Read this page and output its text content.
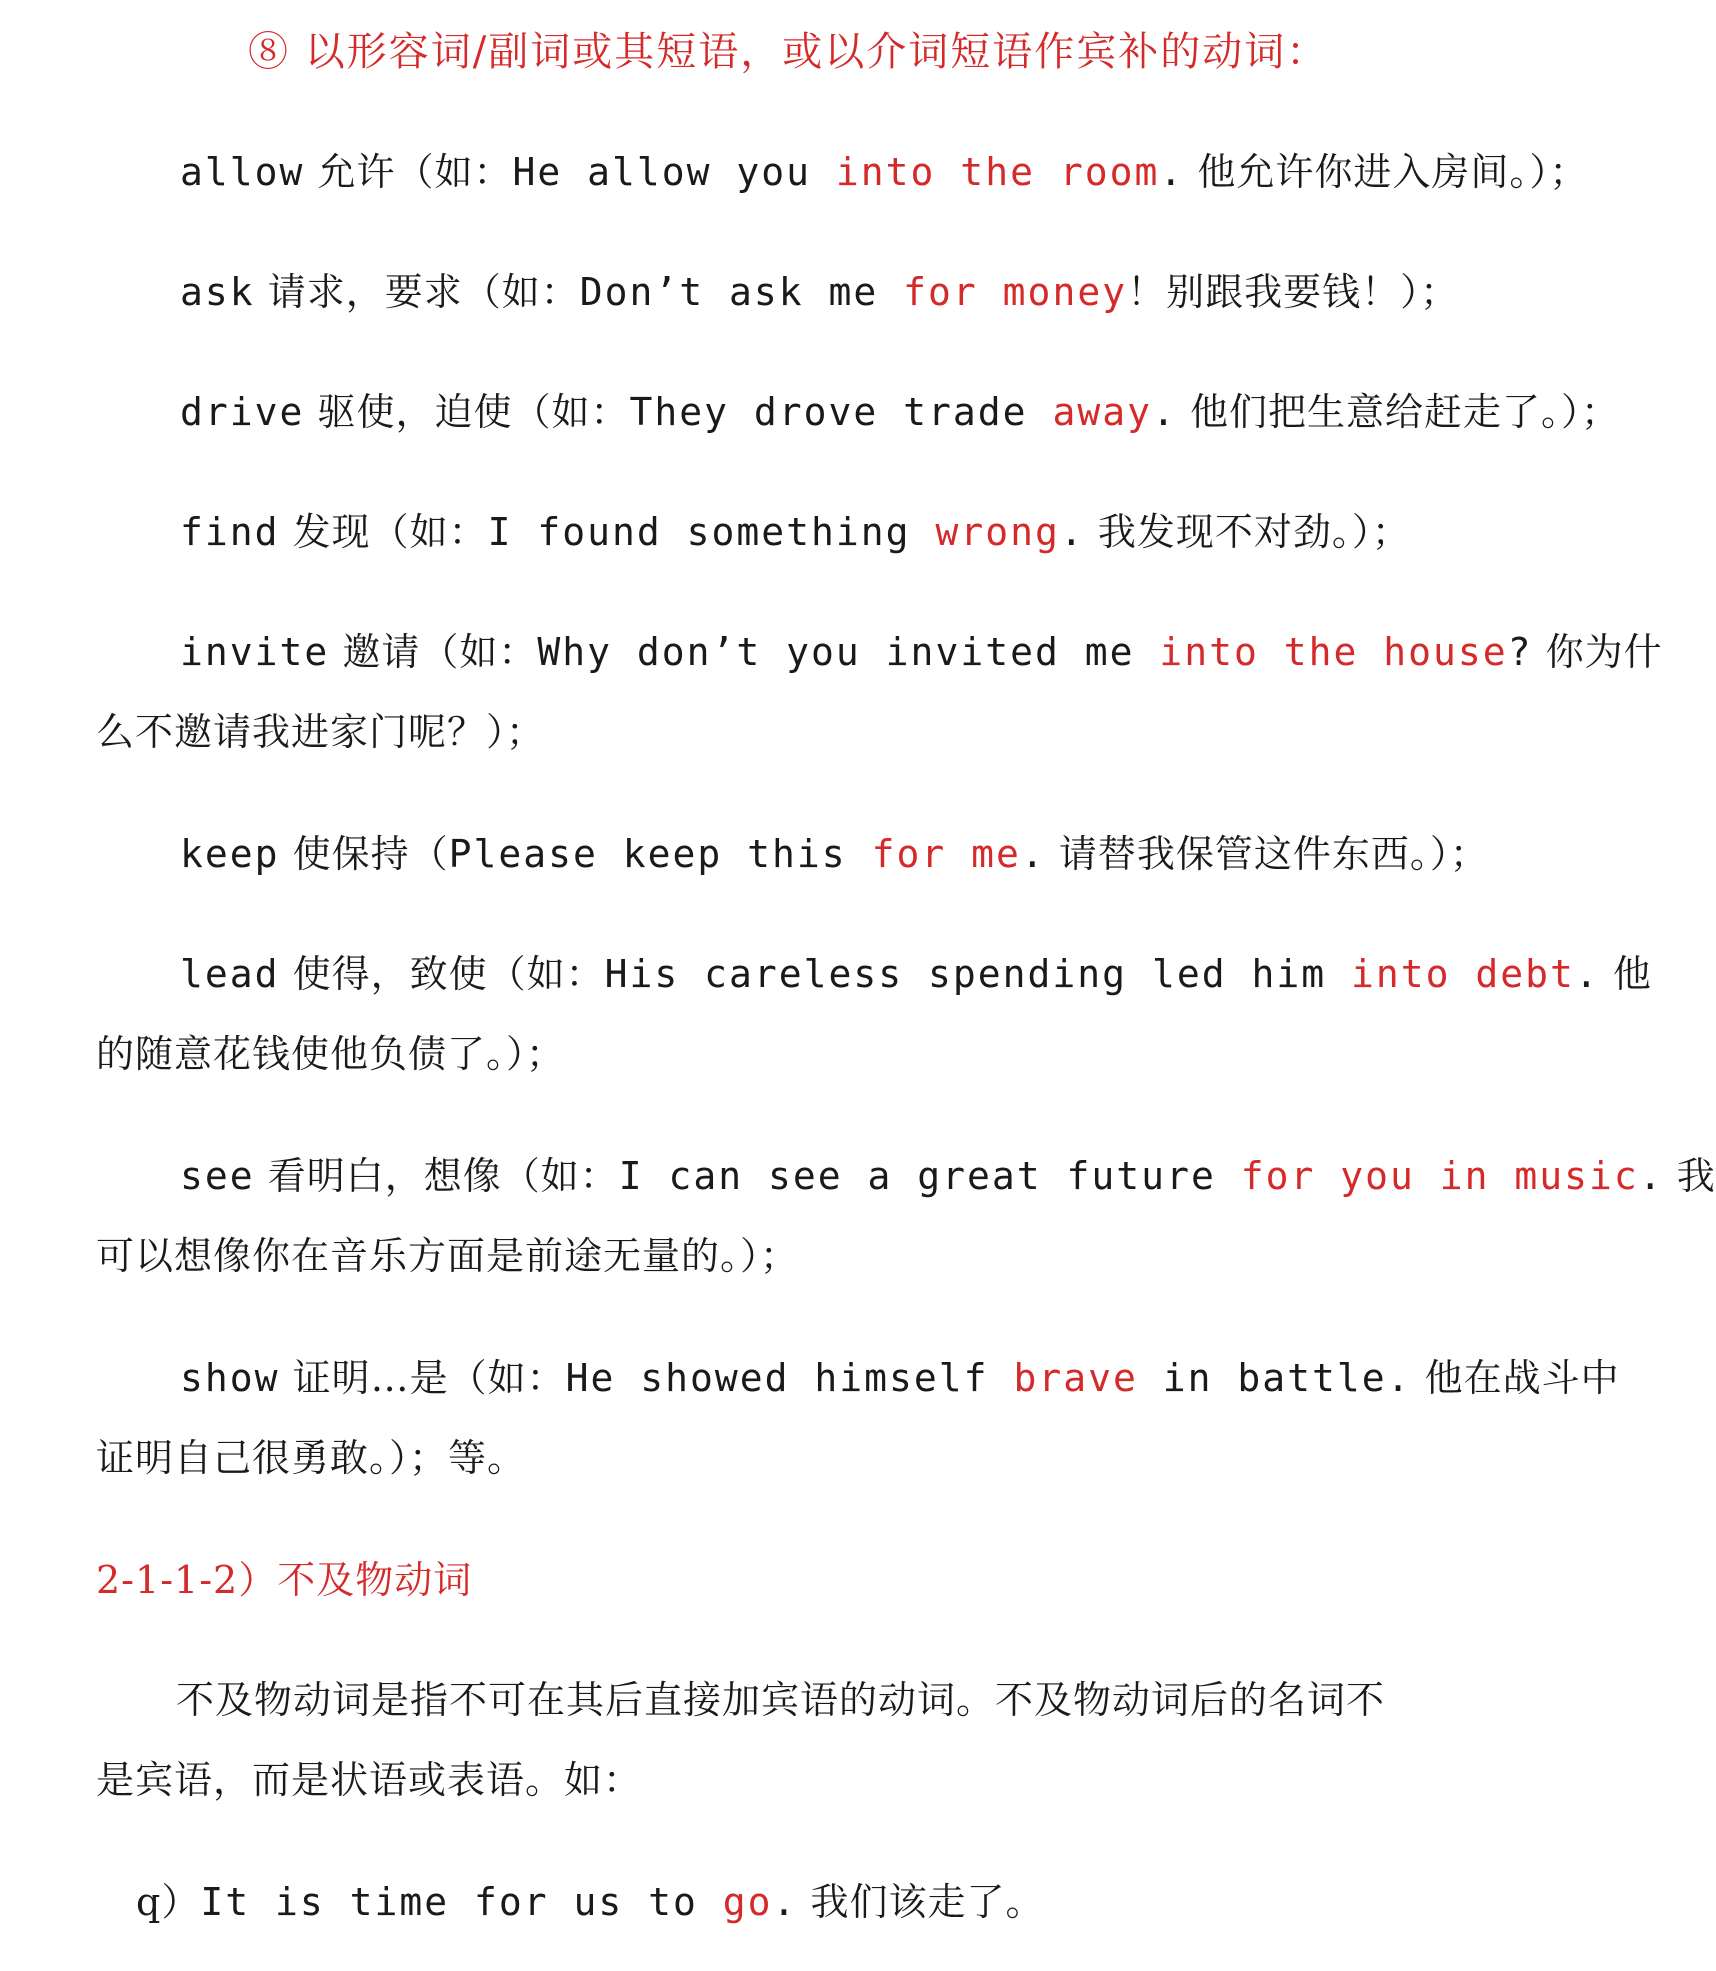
⑧ 以形容词/副词或其短语，或以介词短语作宾补的动词：
allow 允许（如：He allow you into the room. 他允许你进入房间。）；
ask 请求，要求（如：Don’t ask me for money！别跟我要钱！）；
drive 驱使，迫使（如：They drove trade away. 他们把生意给赶走了。）；
find 发现（如：I found something wrong. 我发现不对劲。）；
invite 邀请（如：Why don’t you invited me into the house? 你为什
么不邀请我进家门呢？）；
keep 使保持（Please keep this for me. 请替我保管这件东西。）；
lead 使得，致使（如：His careless spending led him into debt. 他
的随意花钱使他负债了。）；
see 看明白，想像（如：I can see a great future for you in music. 我
可以想像你在音乐方面是前途无量的。）；
show 证明…是（如：He showed himself brave in battle. 他在战斗中
证明自己很勇敢。）；等。
2-1-1-2）不及物动词
不及物动词是指不可在其后直接加宾语的动词。不及物动词后的名词不
是宾语，而是状语或表语。如：
q）It is time for us to go. 我们该走了。
